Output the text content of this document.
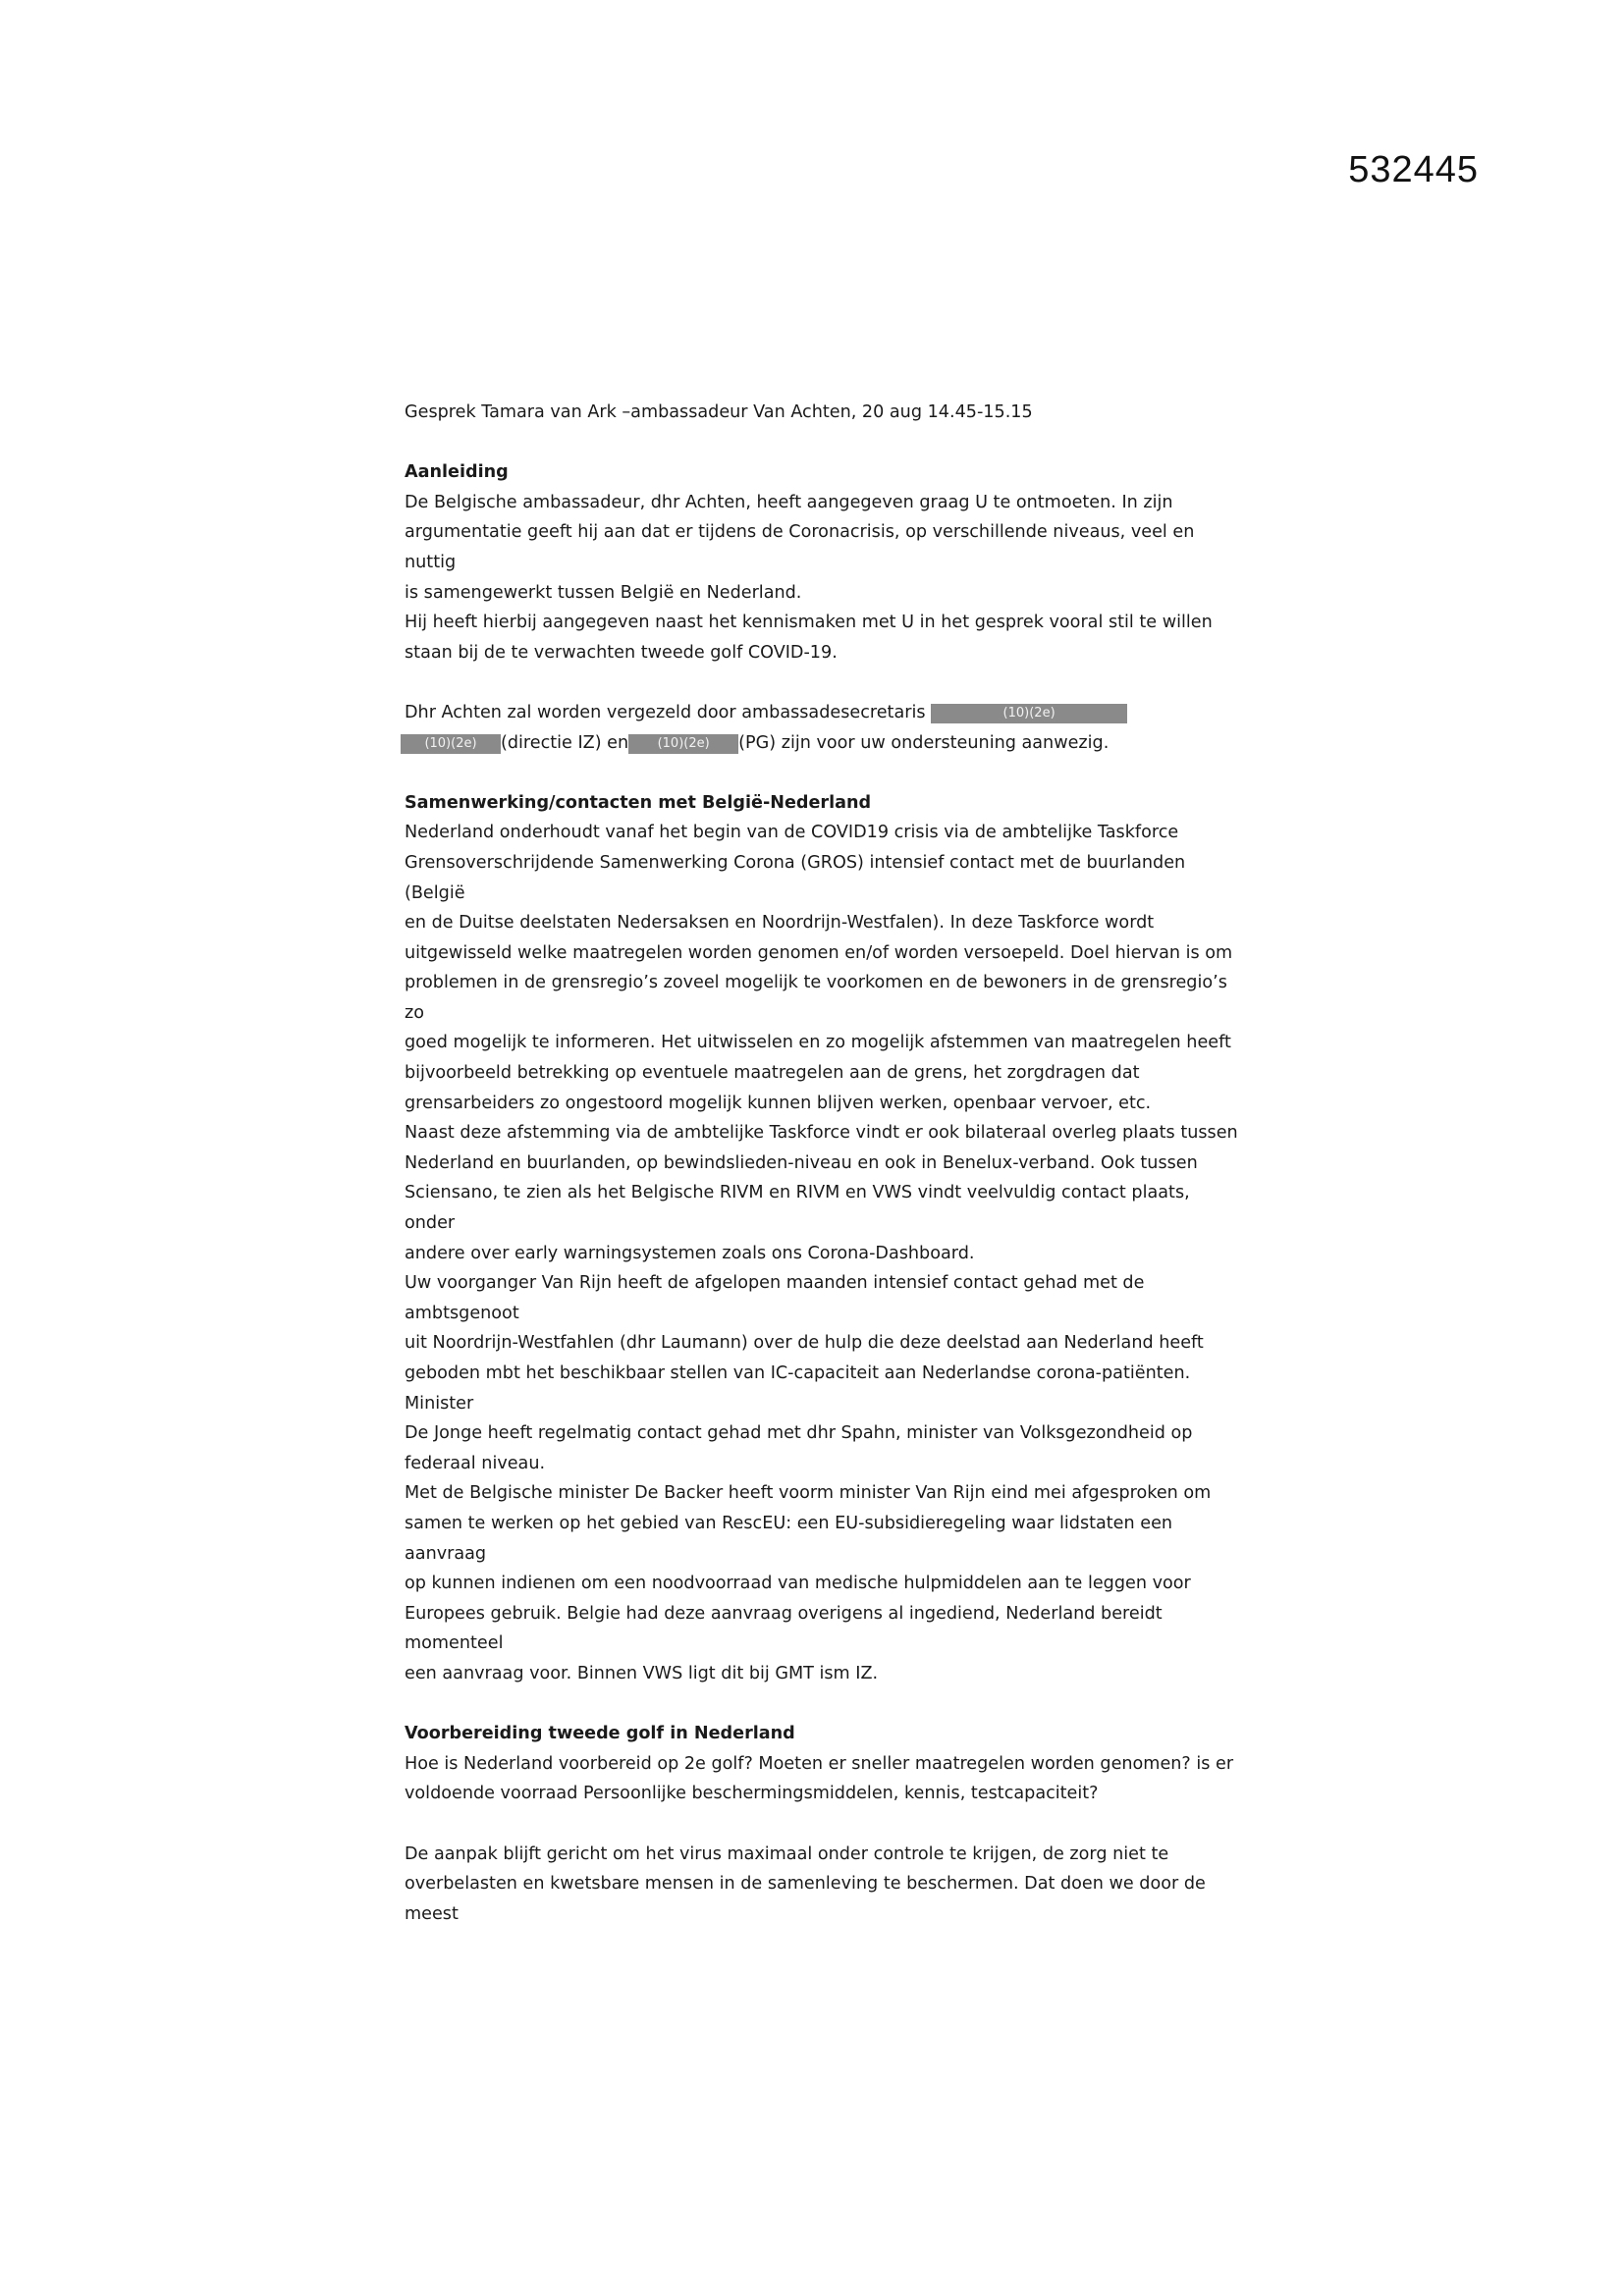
532445

Gesprek Tamara van Ark –ambassadeur Van Achten, 20 aug 14.45-15.15

Aanleiding

De Belgische ambassadeur, dhr Achten, heeft aangegeven graag U te ontmoeten. In zijn

argumentatie geeft hij aan dat er tijdens de Coronacrisis, op verschillende niveaus, veel en nuttig

is samengewerkt tussen België en Nederland.

Hij heeft hierbij aangegeven naast het kennismaken met U in het gesprek vooral stil te willen

staan bij de te verwachten tweede golf COVID-19.

Dhr Achten zal worden vergezeld door ambassadesecretaris	(10)(2e)

(10)(2e) (directie IZ) en (10)(2e) (PG) zijn voor uw ondersteuning aanwezig.

Samenwerking/contacten met België-Nederland

Nederland onderhoudt vanaf het begin van de COVID19 crisis via de ambtelijke Taskforce

Grensoverschrijdende Samenwerking Corona (GROS) intensief contact met de buurlanden (België

en de Duitse deelstaten Nedersaksen en Noordrijn-Westfalen). In deze Taskforce wordt

uitgewisseld welke maatregelen worden genomen en/of worden versoepeld. Doel hiervan is om

problemen in de grensregio’s zoveel mogelijk te voorkomen en de bewoners in de grensregio’s zo

goed mogelijk te informeren. Het uitwisselen en zo mogelijk afstemmen van maatregelen heeft

bijvoorbeeld betrekking op eventuele maatregelen aan de grens, het zorgdragen dat

grensarbeiders zo ongestoord mogelijk kunnen blijven werken, openbaar vervoer, etc.

Naast deze afstemming via de ambtelijke Taskforce vindt er ook bilateraal overleg plaats tussen

Nederland en buurlanden, op bewindslieden-niveau en ook in Benelux-verband. Ook tussen

Sciensano, te zien als het Belgische RIVM en RIVM en VWS vindt veelvuldig contact plaats, onder

andere over early warningsystemen zoals ons Corona-Dashboard.

Uw voorganger Van Rijn heeft de afgelopen maanden intensief contact gehad met de ambtsgenoot

uit Noordrijn-Westfahlen (dhr Laumann) over de hulp die deze deelstad aan Nederland heeft

geboden mbt het beschikbaar stellen van IC-capaciteit aan Nederlandse corona-patiënten. Minister

De Jonge heeft regelmatig contact gehad met dhr Spahn, minister van Volksgezondheid op

federaal niveau.

Met de Belgische minister De Backer heeft voorm minister Van Rijn eind mei afgesproken om

samen te werken op het gebied van RescEU: een EU-subsidieregeling waar lidstaten een aanvraag

op kunnen indienen om een noodvoorraad van medische hulpmiddelen aan te leggen voor

Europees gebruik. Belgie had deze aanvraag overigens al ingediend, Nederland bereidt momenteel

een aanvraag voor. Binnen VWS ligt dit bij GMT ism IZ.

Voorbereiding tweede golf in Nederland

Hoe is Nederland voorbereid op 2e golf? Moeten er sneller maatregelen worden genomen? is er

voldoende voorraad Persoonlijke beschermingsmiddelen, kennis, testcapaciteit?

De aanpak blijft gericht om het virus maximaal onder controle te krijgen, de zorg niet te

overbelasten en kwetsbare mensen in de samenleving te beschermen. Dat doen we door de meest
